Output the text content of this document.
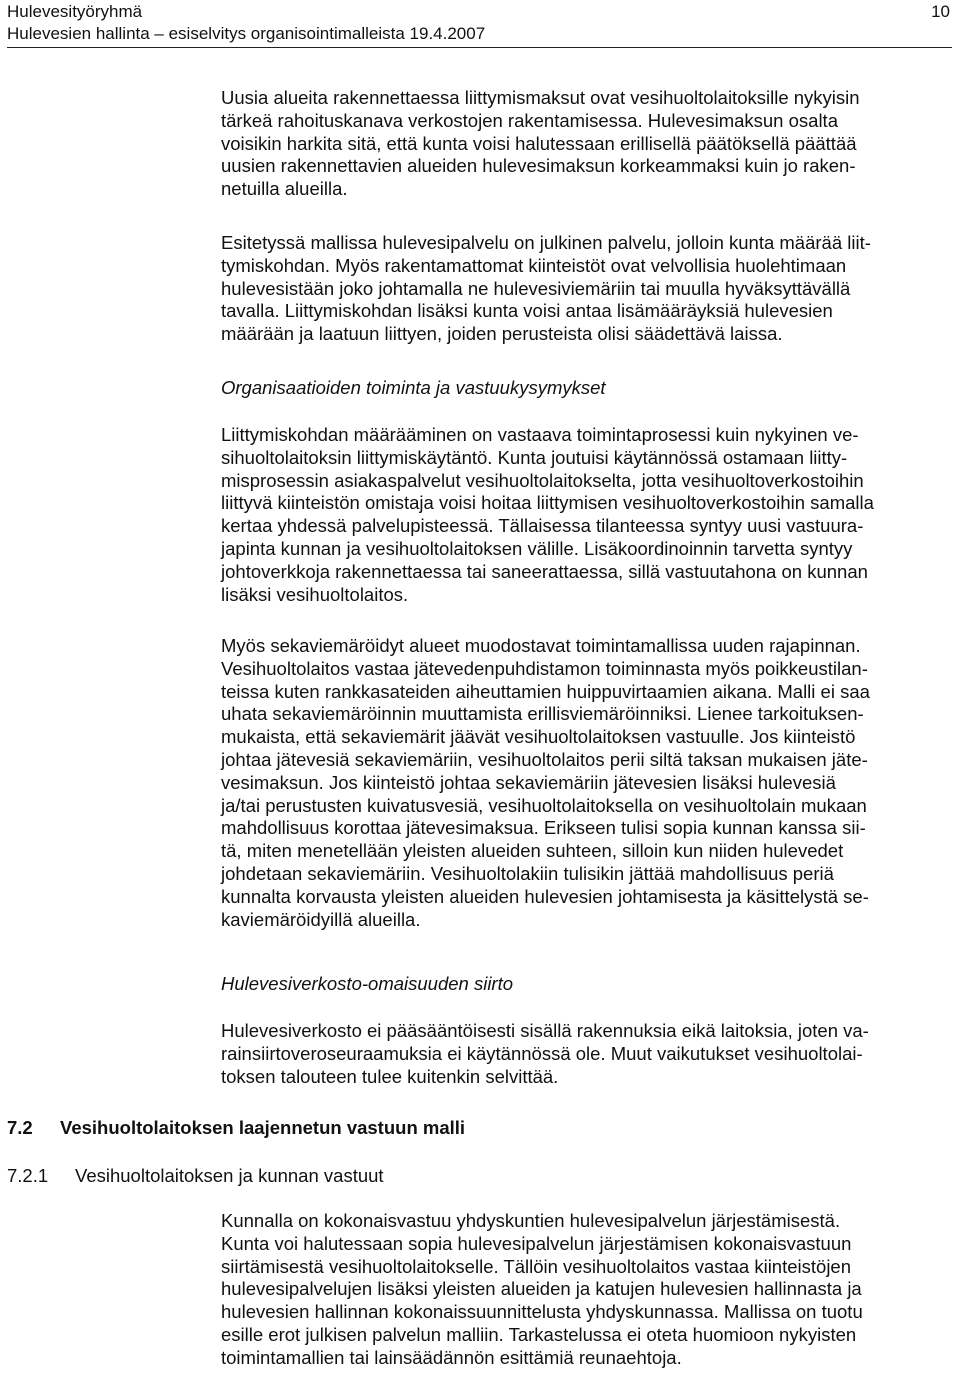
Hulevesityöryhmä
Hulevesien hallinta – esiselvitys organisointimalleista 19.4.2007
10
Uusia alueita rakennettaessa liittymismaksut ovat vesihuoltolaitoksille nykyisin
tärkeä rahoituskanava verkostojen rakentamisessa. Hulevesimaksun osalta
voisikin harkita sitä, että kunta voisi halutessaan erillisellä päätöksellä päättää
uusien rakennettavien alueiden hulevesimaksun korkeammaksi kuin jo raken-
netuilla alueilla.
Esitetyssä mallissa hulevesipalvelu on julkinen palvelu, jolloin kunta määrää liit-
tymiskohdan. Myös rakentamattomat kiinteistöt ovat velvollisia huolehtimaan
hulevesistään joko johtamalla ne hulevesiviemäriin tai muulla hyväksyttävällä
tavalla. Liittymiskohdan lisäksi kunta voisi antaa lisämääräyksiä hulevesien
määrään ja laatuun liittyen, joiden perusteista olisi säädettävä laissa.
Organisaatioiden toiminta ja vastuukysymykset
Liittymiskohdan määrääminen on vastaava toimintaprosessi kuin nykyinen ve-
sihuoltolaitoksin liittymiskäytäntö. Kunta joutuisi käytännössä ostamaan liitty-
misprosessin asiakaspalvelut vesihuoltolaitokselta, jotta vesihuoltoverkostoihin
liittyvä kiinteistön omistaja voisi hoitaa liittymisen vesihuoltoverkostoihin samalla
kertaa yhdessä palvelupisteessä. Tällaisessa tilanteessa syntyy uusi vastuura-
japinta kunnan ja vesihuoltolaitoksen välille. Lisäkoordinoinnin tarvetta syntyy
johtoverkkoja rakennettaessa tai saneerattaessa, sillä vastuutahona on kunnan
lisäksi vesihuoltolaitos.
Myös sekaviemäröidyt alueet muodostavat toimintamallissa uuden rajapinnan.
Vesihuoltolaitos vastaa jätevedenpuhdistamon toiminnasta myös poikkeustilan-
teissa kuten rankkasateiden aiheuttamien huippuvirtaamien aikana. Malli ei saa
uhata sekaviemäröinnin muuttamista erillisviemäröinniksi. Lienee tarkoituksen-
mukaista, että sekaviemärit jäävät vesihuoltolaitoksen vastuulle. Jos kiinteistö
johtaa jätevesiä sekaviemäriin, vesihuoltolaitos perii siltä taksan mukaisen jäte-
vesimaksun. Jos kiinteistö johtaa sekaviemäriin jätevesien lisäksi hulevesiä
ja/tai perustusten kuivatusvesiä, vesihuoltolaitoksella on vesihuoltolain mukaan
mahdollisuus korottaa jätevesimaksua. Erikseen tulisi sopia kunnan kanssa sii-
tä, miten menetellään yleisten alueiden suhteen, silloin kun niiden hulevedet
johdetaan sekaviemäriin. Vesihuoltolakiin tulisikin jättää mahdollisuus periä
kunnalta korvausta yleisten alueiden hulevesien johtamisesta ja käsittelystä se-
kaviemäröidyillä alueilla.
Hulevesiverkosto-omaisuuden siirto
Hulevesiverkosto ei pääsääntöisesti sisällä rakennuksia eikä laitoksia, joten va-
rainsiirtoveroseuraamuksia ei käytännössä ole. Muut vaikutukset vesihuoltolai-
toksen talouteen tulee kuitenkin selvittää.
7.2 Vesihuoltolaitoksen laajennetun vastuun malli
7.2.1 Vesihuoltolaitoksen ja kunnan vastuut
Kunnalla on kokonaisvastuu yhdyskuntien hulevesipalvelun järjestämisestä.
Kunta voi halutessaan sopia hulevesipalvelun järjestämisen kokonaisvastuun
siirtämisestä vesihuoltolaitokselle. Tällöin vesihuoltolaitos vastaa kiinteistöjen
hulevesipalvelujen lisäksi yleisten alueiden ja katujen hulevesien hallinnasta ja
hulevesien hallinnan kokonaissuunnittelusta yhdyskunnassa. Mallissa on tuotu
esille erot julkisen palvelun malliin. Tarkastelussa ei oteta huomioon nykyisten
toimintamallien tai lainsäädännön esittämiä reunaehtoja.
